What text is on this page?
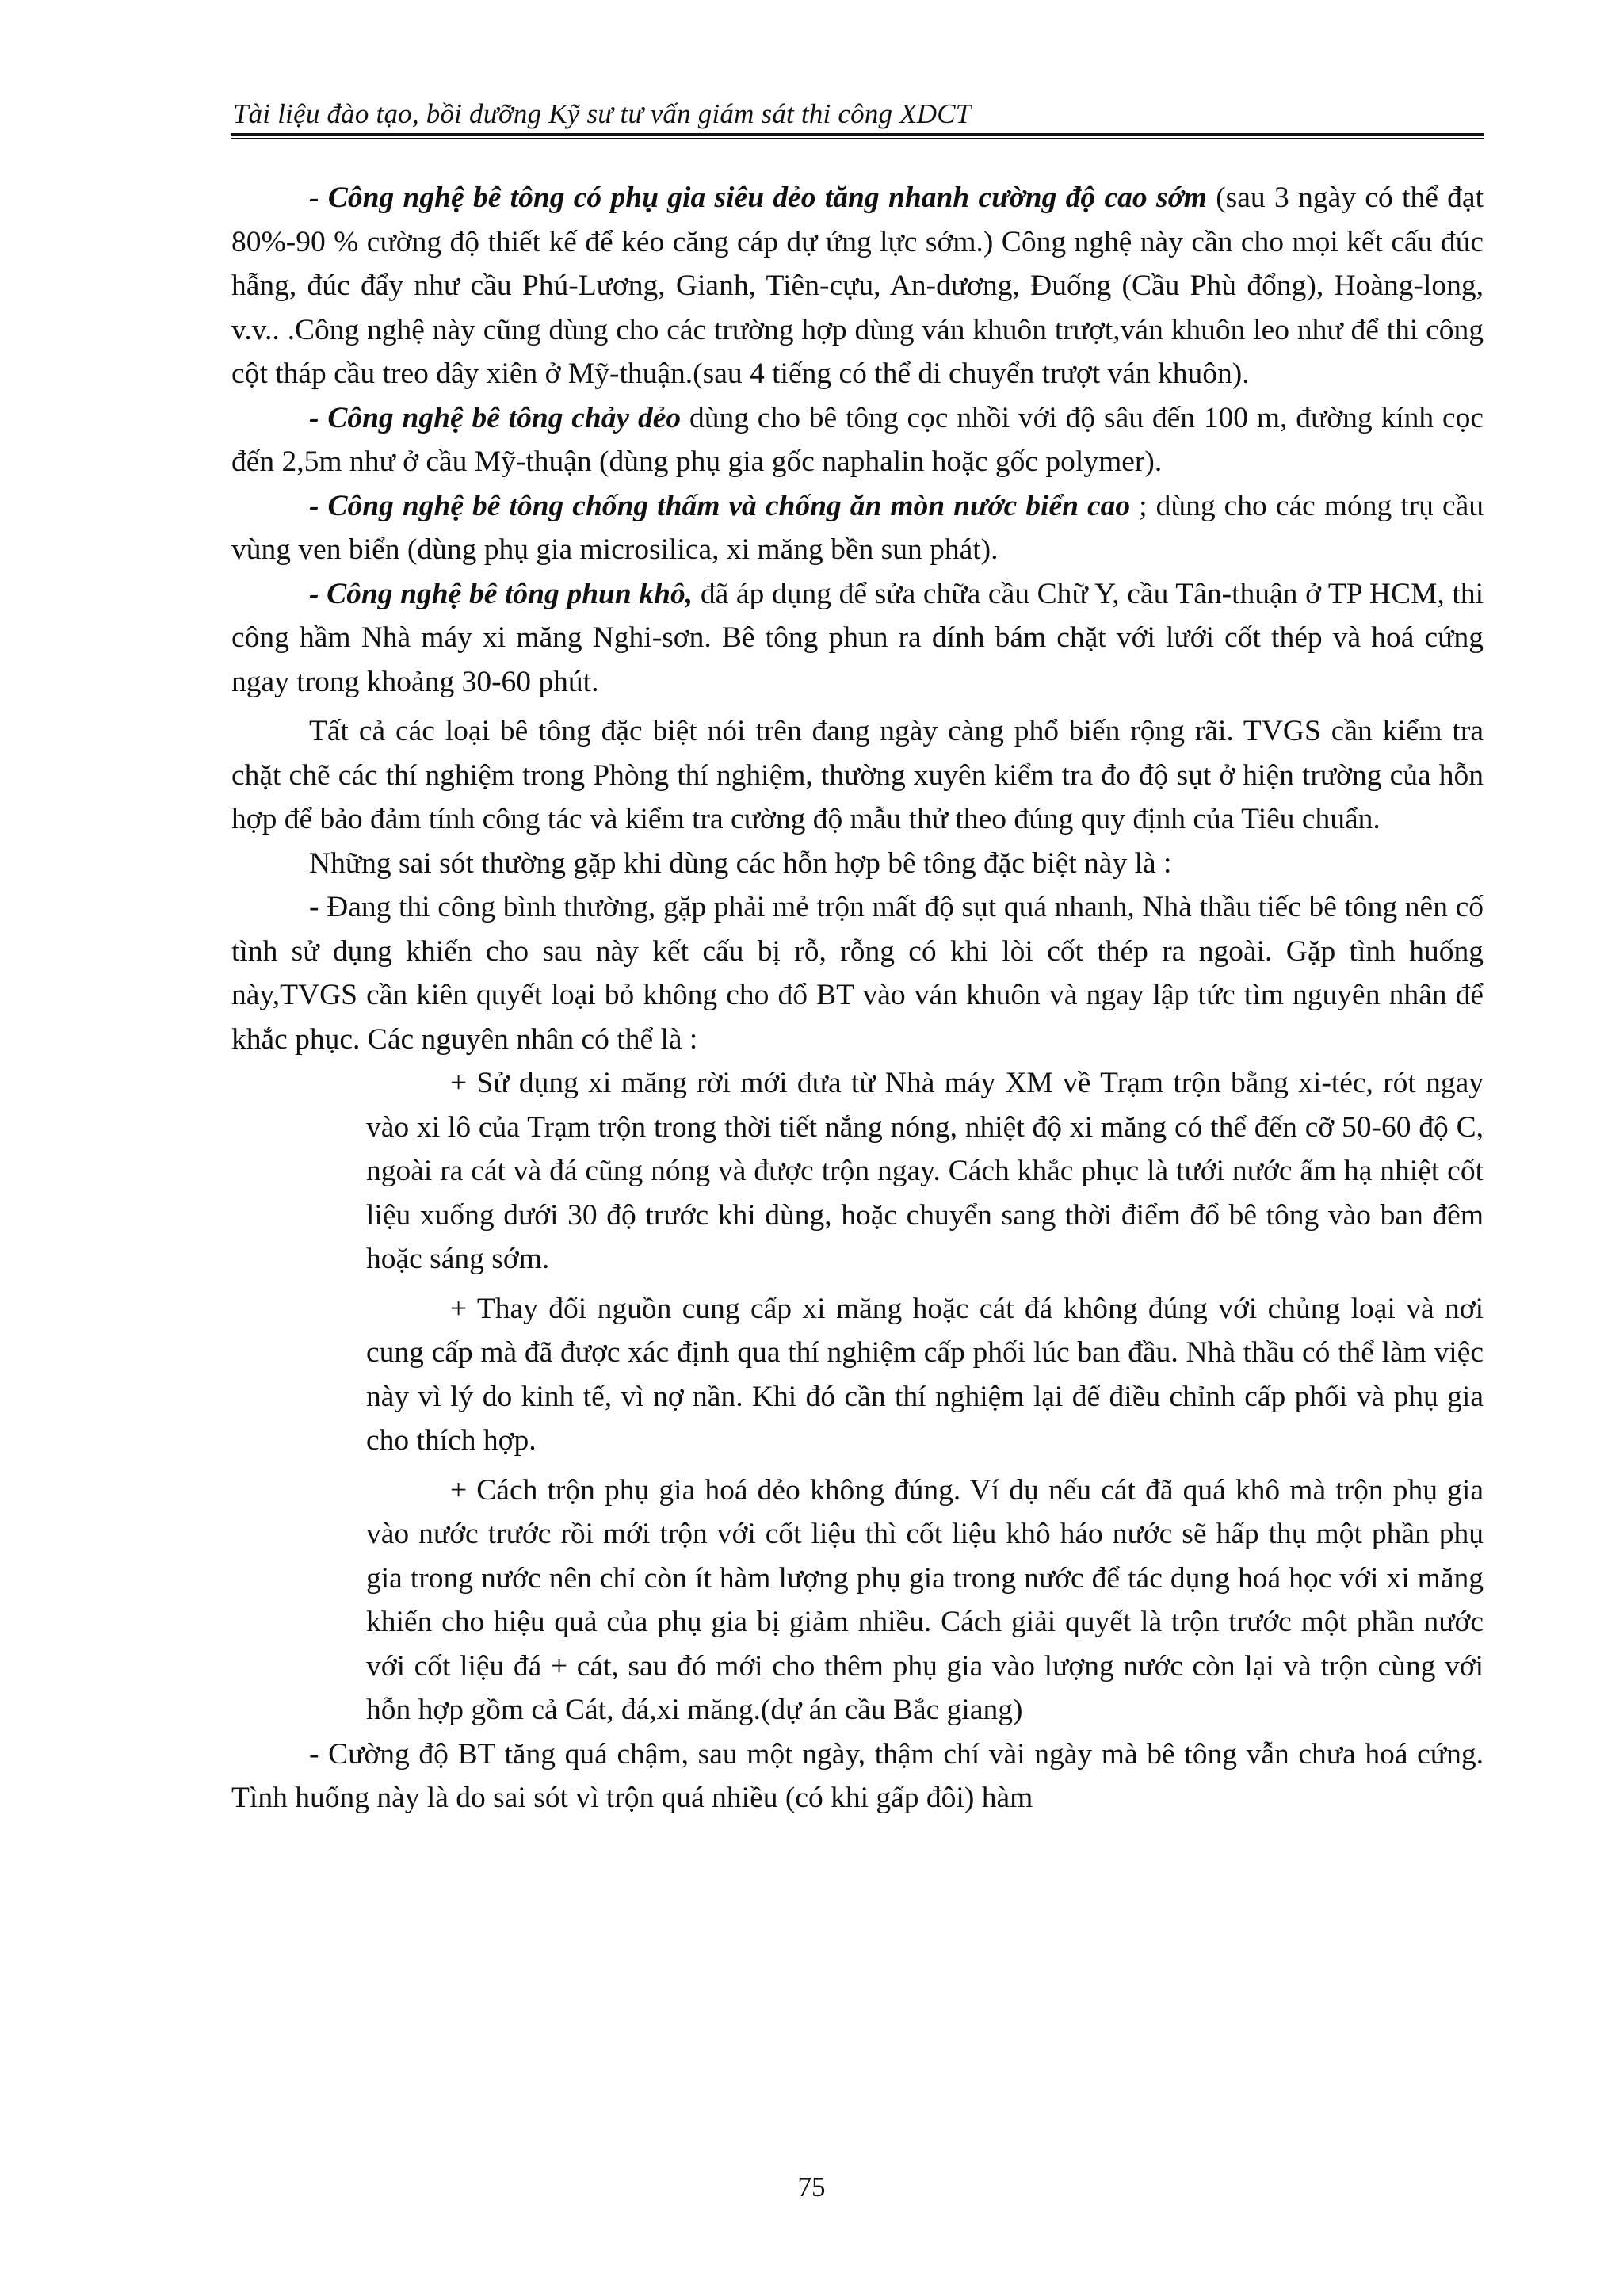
Tài liệu đào tạo, bồi dưỡng Kỹ sư tư vấn giám sát thi công XDCT

- Công nghệ bê tông có phụ gia siêu dẻo tăng nhanh cường độ cao sớm (sau 3 ngày có thể đạt 80%-90 % cường độ thiết kế để kéo căng cáp dự ứng lực sớm.) Công nghệ này cần cho mọi kết cấu đúc hẫng, đúc đẩy như cầu Phú-Lương, Gianh, Tiên-cựu, An-dương, Đuống (Cầu Phù đổng), Hoàng-long, v.v.. .Công nghệ này cũng dùng cho các trường hợp dùng ván khuôn trượt,ván khuôn leo như để thi công cột tháp cầu treo dây xiên ở Mỹ-thuận.(sau 4 tiếng có thể di chuyển trượt ván khuôn).

- Công nghệ bê tông chảy dẻo dùng cho bê tông cọc nhồi với độ sâu đến 100 m, đường kính cọc đến 2,5m như ở cầu Mỹ-thuận (dùng phụ gia gốc naphalin hoặc gốc polymer).

- Công nghệ bê tông chống thấm và chống ăn mòn nước biển cao ; dùng cho các móng trụ cầu vùng ven biển (dùng phụ gia microsilica, xi măng bền sun phát).

- Công nghệ bê tông phun khô, đã áp dụng để sửa chữa cầu Chữ Y, cầu Tân-thuận ở TP HCM, thi công hầm Nhà máy xi măng Nghi-sơn. Bê tông phun ra dính bám chặt với lưới cốt thép và hoá cứng ngay trong khoảng 30-60 phút.

Tất cả các loại bê tông đặc biệt nói trên đang ngày càng phổ biến rộng rãi. TVGS cần kiểm tra chặt chẽ các thí nghiệm trong Phòng thí nghiệm, thường xuyên kiểm tra đo độ sụt ở hiện trường của hỗn hợp để bảo đảm tính công tác và kiểm tra cường độ mẫu thử theo đúng quy định của Tiêu chuẩn.

Những sai sót thường gặp khi dùng các hỗn hợp bê tông đặc biệt này là :

- Đang thi công bình thường, gặp phải mẻ trộn mất độ sụt quá nhanh, Nhà thầu tiếc bê tông nên cố tình sử dụng khiến cho sau này kết cấu bị rỗ, rỗng có khi lòi cốt thép ra ngoài. Gặp tình huống này,TVGS cần kiên quyết loại bỏ không cho đổ BT vào ván khuôn và ngay lập tức tìm nguyên nhân để khắc phục. Các nguyên nhân có thể là :

+ Sử dụng xi măng rời mới đưa từ Nhà máy XM về Trạm trộn bằng xi-téc, rót ngay vào xi lô của Trạm trộn trong thời tiết nắng nóng, nhiệt độ xi măng có thể đến cỡ 50-60 độ C, ngoài ra cát và đá cũng nóng và được trộn ngay. Cách khắc phục là tưới nước ẩm hạ nhiệt cốt liệu xuống dưới 30 độ trước khi dùng, hoặc chuyển sang thời điểm đổ bê tông vào ban đêm hoặc sáng sớm.

+ Thay đổi nguồn cung cấp xi măng hoặc cát đá không đúng với chủng loại và nơi cung cấp mà đã được xác định qua thí nghiệm cấp phối lúc ban đầu. Nhà thầu có thể làm việc này vì lý do kinh tế, vì nợ nần. Khi đó cần thí nghiệm lại để điều chỉnh cấp phối và phụ gia cho thích hợp.

+ Cách trộn phụ gia hoá dẻo không đúng. Ví dụ nếu cát đã quá khô mà trộn phụ gia vào nước trước rồi mới trộn với cốt liệu thì cốt liệu khô háo nước sẽ hấp thụ một phần phụ gia trong nước nên chỉ còn ít hàm lượng phụ gia trong nước để tác dụng hoá học với xi măng khiến cho hiệu quả của phụ gia bị giảm nhiều. Cách giải quyết là trộn trước một phần nước với cốt liệu đá + cát, sau đó mới cho thêm phụ gia vào lượng nước còn lại và trộn cùng với hỗn hợp gồm cả Cát, đá,xi măng.(dự án cầu Bắc giang)

- Cường độ BT tăng quá chậm, sau một ngày, thậm chí vài ngày mà bê tông vẫn chưa hoá cứng. Tình huống này là do sai sót vì trộn quá nhiều (có khi gấp đôi) hàm

75
